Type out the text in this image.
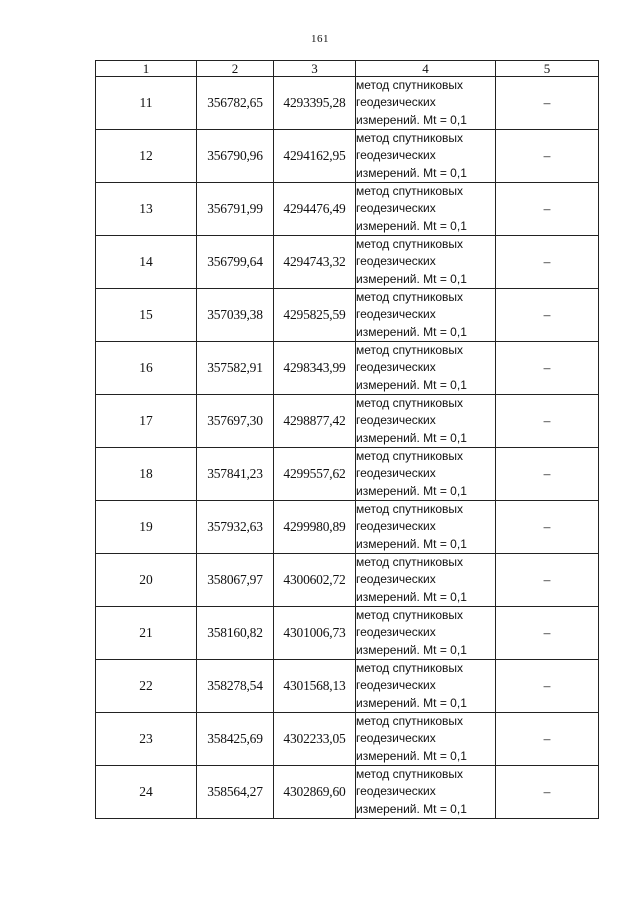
161
1	2	3	4	5
11	356782,65	4293395,28	метод спутниковых
геодезических
измерений. Mt = 0,1	–
12	356790,96	4294162,95	метод спутниковых
геодезических
измерений. Mt = 0,1	–
13	356791,99	4294476,49	метод спутниковых
геодезических
измерений. Mt = 0,1	–
14	356799,64	4294743,32	метод спутниковых
геодезических
измерений. Mt = 0,1	–
15	357039,38	4295825,59	метод спутниковых
геодезических
измерений. Mt = 0,1	–
16	357582,91	4298343,99	метод спутниковых
геодезических
измерений. Mt = 0,1	–
17	357697,30	4298877,42	метод спутниковых
геодезических
измерений. Mt = 0,1	–
18	357841,23	4299557,62	метод спутниковых
геодезических
измерений. Mt = 0,1	–
19	357932,63	4299980,89	метод спутниковых
геодезических
измерений. Mt = 0,1	–
20	358067,97	4300602,72	метод спутниковых
геодезических
измерений. Mt = 0,1	–
21	358160,82	4301006,73	метод спутниковых
геодезических
измерений. Mt = 0,1	–
22	358278,54	4301568,13	метод спутниковых
геодезических
измерений. Mt = 0,1	–
23	358425,69	4302233,05	метод спутниковых
геодезических
измерений. Mt = 0,1	–
24	358564,27	4302869,60	метод спутниковых
геодезических
измерений. Mt = 0,1	–
